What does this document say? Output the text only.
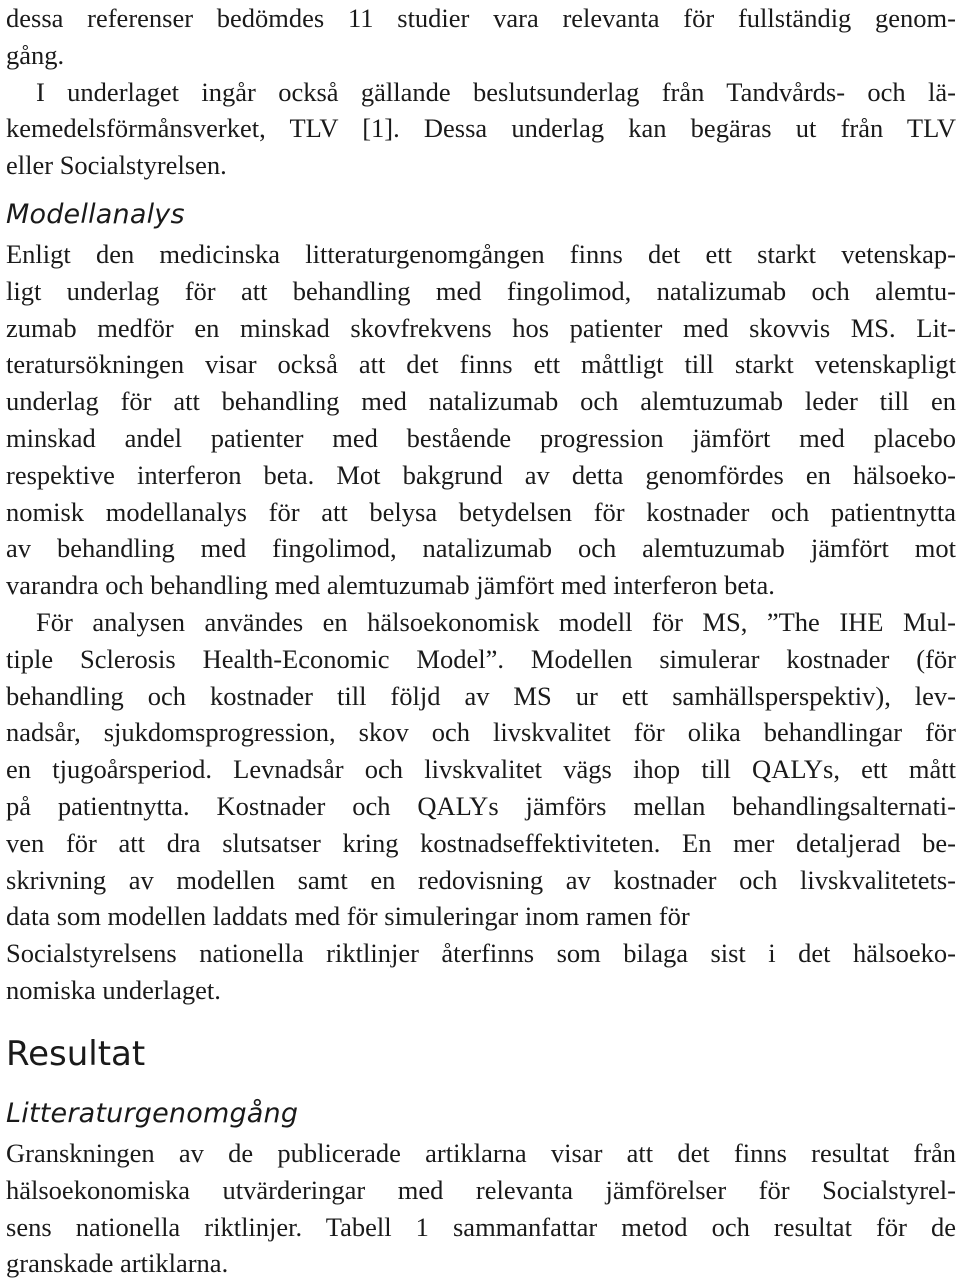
dessa referenser bedömdes 11 studier vara relevanta för fullständig genom-
gång.
I underlaget ingår också gällande beslutsunderlag från Tandvårds- och lä-
kemedelsförmånsverket, TLV [1]. Dessa underlag kan begäras ut från TLV
eller Socialstyrelsen.
Modellanalys
Enligt den medicinska litteraturgenomgången finns det ett starkt vetenskap-
ligt underlag för att behandling med fingolimod, natalizumab och alemtu-
zumab medför en minskad skovfrekvens hos patienter med skovvis MS. Lit-
teratursökningen visar också att det finns ett måttligt till starkt vetenskapligt
underlag för att behandling med natalizumab och alemtuzumab leder till en
minskad andel patienter med bestående progression jämfört med placebo
respektive interferon beta. Mot bakgrund av detta genomfördes en hälsoeko-
nomisk modellanalys för att belysa betydelsen för kostnader och patientnytta
av behandling med fingolimod, natalizumab och alemtuzumab jämfört mot
varandra och behandling med alemtuzumab jämfört med interferon beta.
För analysen användes en hälsoekonomisk modell för MS, ”The IHE Mul-
tiple Sclerosis Health-Economic Model”. Modellen simulerar kostnader (för
behandling och kostnader till följd av MS ur ett samhällsperspektiv), lev-
nadsår, sjukdomsprogression, skov och livskvalitet för olika behandlingar för
en tjugoårsperiod. Levnadsår och livskvalitet vägs ihop till QALYs, ett mått
på patientnytta. Kostnader och QALYs jämförs mellan behandlingsalternati-
ven för att dra slutsatser kring kostnadseffektiviteten. En mer detaljerad be-
skrivning av modellen samt en redovisning av kostnader och livskvalitetets-
data som modellen laddats med för simuleringar inom ramen för
Socialstyrelsens nationella riktlinjer återfinns som bilaga sist i det hälsoeko-
nomiska underlaget.
Resultat
Litteraturgenomgång
Granskningen av de publicerade artiklarna visar att det finns resultat från
hälsoekonomiska utvärderingar med relevanta jämförelser för Socialstyrel-
sens nationella riktlinjer. Tabell 1 sammanfattar metod och resultat för de
granskade artiklarna.
